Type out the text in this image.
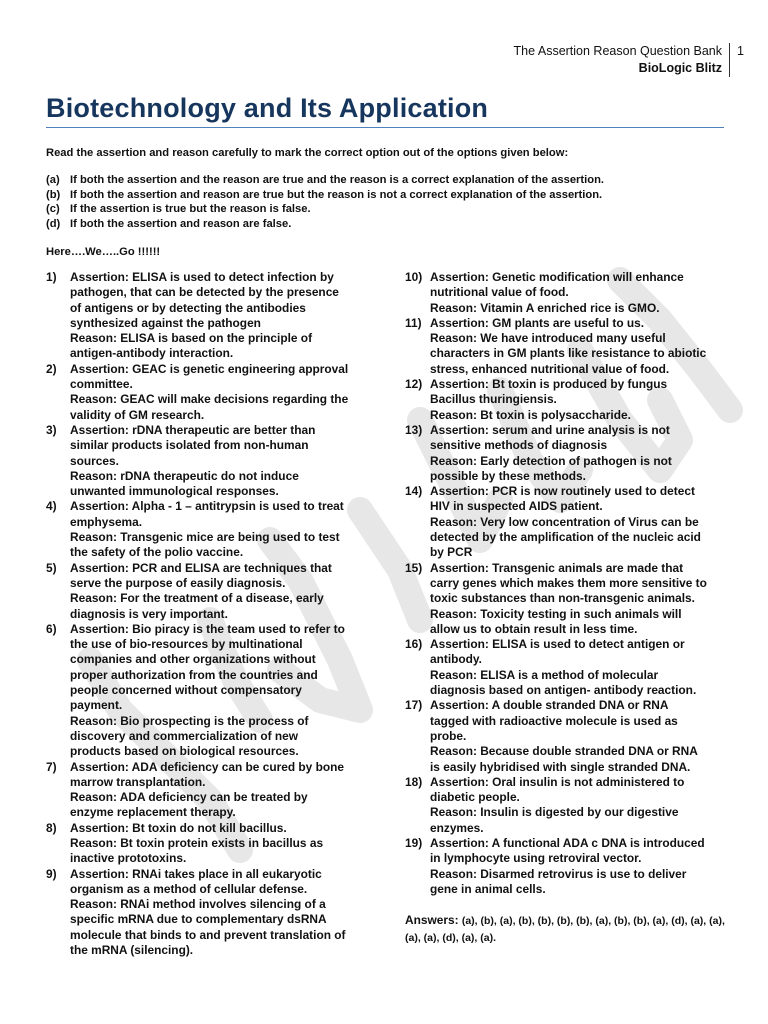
The Assertion Reason Question Bank
BioLogic Blitz
1
Biotechnology and Its Application

Read the assertion and reason carefully to mark the correct option out of the options given below:

(a) If both the assertion and the reason are true and the reason is a correct explanation of the assertion.
(b) If both the assertion and reason are true but the reason is not a correct explanation of the assertion.
(c) If the assertion is true but the reason is false.
(d) If both the assertion and reason are false.

Here….We…..Go !!!!!!

1) Assertion: ELISA is used to detect infection by
pathogen, that can be detected by the presence
of antigens or by detecting the antibodies
synthesized against the pathogen
Reason: ELISA is based on the principle of
antigen-antibody interaction.
2) Assertion: GEAC is genetic engineering approval
committee.
Reason: GEAC will make decisions regarding the
validity of GM research.
3) Assertion: rDNA therapeutic are better than
similar products isolated from non-human
sources.
Reason: rDNA therapeutic do not induce
unwanted immunological responses.
4) Assertion: Alpha - 1 – antitrypsin is used to treat
emphysema.
Reason: Transgenic mice are being used to test
the safety of the polio vaccine.
5) Assertion: PCR and ELISA are techniques that
serve the purpose of easily diagnosis.
Reason: For the treatment of a disease, early
diagnosis is very important.
6) Assertion: Bio piracy is the team used to refer to
the use of bio-resources by multinational
companies and other organizations without
proper authorization from the countries and
people concerned without compensatory
payment.
Reason: Bio prospecting is the process of
discovery and commercialization of new
products based on biological resources.
7) Assertion: ADA deficiency can be cured by bone
marrow transplantation.
Reason: ADA deficiency can be treated by
enzyme replacement therapy.
8) Assertion: Bt toxin do not kill bacillus.
Reason: Bt toxin protein exists in bacillus as
inactive prototoxins.
9) Assertion: RNAi takes place in all eukaryotic
organism as a method of cellular defense.
Reason: RNAi method involves silencing of a
specific mRNA due to complementary dsRNA
molecule that binds to and prevent translation of
the mRNA (silencing).
10) Assertion: Genetic modification will enhance
nutritional value of food.
Reason: Vitamin A enriched rice is GMO.
11) Assertion: GM plants are useful to us.
Reason: We have introduced many useful
characters in GM plants like resistance to abiotic
stress, enhanced nutritional value of food.
12) Assertion: Bt toxin is produced by fungus
Bacillus thuringiensis.
Reason: Bt toxin is polysaccharide.
13) Assertion: serum and urine analysis is not
sensitive methods of diagnosis
Reason: Early detection of pathogen is not
possible by these methods.
14) Assertion: PCR is now routinely used to detect
HIV in suspected AIDS patient.
Reason: Very low concentration of Virus can be
detected by the amplification of the nucleic acid
by PCR
15) Assertion: Transgenic animals are made that
carry genes which makes them more sensitive to
toxic substances than non-transgenic animals.
Reason: Toxicity testing in such animals will
allow us to obtain result in less time.
16) Assertion: ELISA is used to detect antigen or
antibody.
Reason: ELISA is a method of molecular
diagnosis based on antigen- antibody reaction.
17) Assertion: A double stranded DNA or RNA
tagged with radioactive molecule is used as
probe.
Reason: Because double stranded DNA or RNA
is easily hybridised with single stranded DNA.
18) Assertion: Oral insulin is not administered to
diabetic people.
Reason: Insulin is digested by our digestive
enzymes.
19) Assertion: A functional ADA c DNA is introduced
in lymphocyte using retroviral vector.
Reason: Disarmed retrovirus is use to deliver
gene in animal cells.

Answers: (a), (b), (a), (b), (b), (b), (b), (a), (b), (b), (a), (d), (a), (a), (a), (a), (d), (a), (a).
